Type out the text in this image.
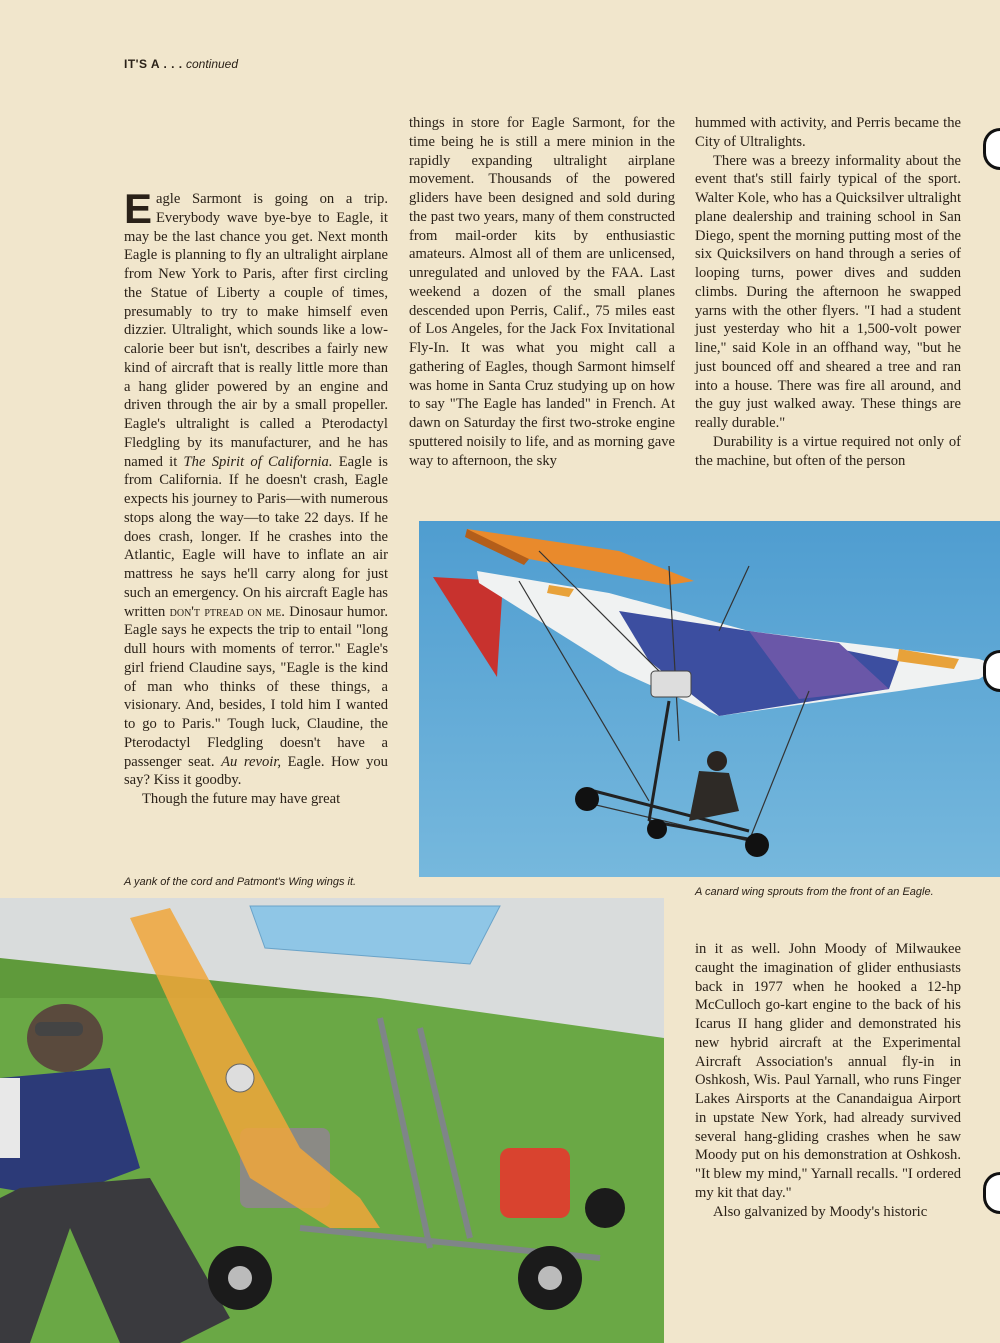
IT'S A . . . continued

Eagle Sarmont is going on a trip. Everybody wave bye-bye to Eagle, it may be the last chance you get. Next month Eagle is planning to fly an ultralight airplane from New York to Paris, after first circling the Statue of Liberty a couple of times, presumably to try to make himself even dizzier. Ultralight, which sounds like a low-calorie beer but isn't, describes a fairly new kind of aircraft that is really little more than a hang glider powered by an engine and driven through the air by a small propeller. Eagle's ultralight is called a Pterodactyl Fledgling by its manufacturer, and he has named it The Spirit of California. Eagle is from California. If he doesn't crash, Eagle expects his journey to Paris—with numerous stops along the way—to take 22 days. If he does crash, longer. If he crashes into the Atlantic, Eagle will have to inflate an air mattress he says he'll carry along for just such an emergency. On his aircraft Eagle has written don't ptread on me. Dinosaur humor. Eagle says he expects the trip to entail "long dull hours with moments of terror." Eagle's girl friend Claudine says, "Eagle is the kind of man who thinks of these things, a visionary. And, besides, I told him I wanted to go to Paris." Tough luck, Claudine, the Pterodactyl Fledgling doesn't have a passenger seat. Au revoir, Eagle. How you say? Kiss it goodby.

Though the future may have great

things in store for Eagle Sarmont, for the time being he is still a mere minion in the rapidly expanding ultralight airplane movement. Thousands of the powered gliders have been designed and sold during the past two years, many of them constructed from mail-order kits by enthusiastic amateurs. Almost all of them are unlicensed, unregulated and unloved by the FAA. Last weekend a dozen of the small planes descended upon Perris, Calif., 75 miles east of Los Angeles, for the Jack Fox Invitational Fly-In. It was what you might call a gathering of Eagles, though Sarmont himself was home in Santa Cruz studying up on how to say "The Eagle has landed" in French. At dawn on Saturday the first two-stroke engine sputtered noisily to life, and as morning gave way to afternoon, the sky

hummed with activity, and Perris became the City of Ultralights.

There was a breezy informality about the event that's still fairly typical of the sport. Walter Kole, who has a Quicksilver ultralight plane dealership and training school in San Diego, spent the morning putting most of the six Quicksilvers on hand through a series of looping turns, power dives and sudden climbs. During the afternoon he swapped yarns with the other flyers. "I had a student just yesterday who hit a 1,500-volt power line," said Kole in an offhand way, "but he just bounced off and sheared a tree and ran into a house. There was fire all around, and the guy just walked away. These things are really durable."

Durability is a virtue required not only of the machine, but often of the person

A yank of the cord and Patmont's Wing wings it.
A canard wing sprouts from the front of an Eagle.

in it as well. John Moody of Milwaukee caught the imagination of glider enthusiasts back in 1977 when he hooked a 12-hp McCulloch go-kart engine to the back of his Icarus II hang glider and demonstrated his new hybrid aircraft at the Experimental Aircraft Association's annual fly-in in Oshkosh, Wis. Paul Yarnall, who runs Finger Lakes Airsports at the Canandaigua Airport in upstate New York, had already survived several hang-gliding crashes when he saw Moody put on his demonstration at Oshkosh. "It blew my mind," Yarnall recalls. "I ordered my kit that day."

Also galvanized by Moody's historic
